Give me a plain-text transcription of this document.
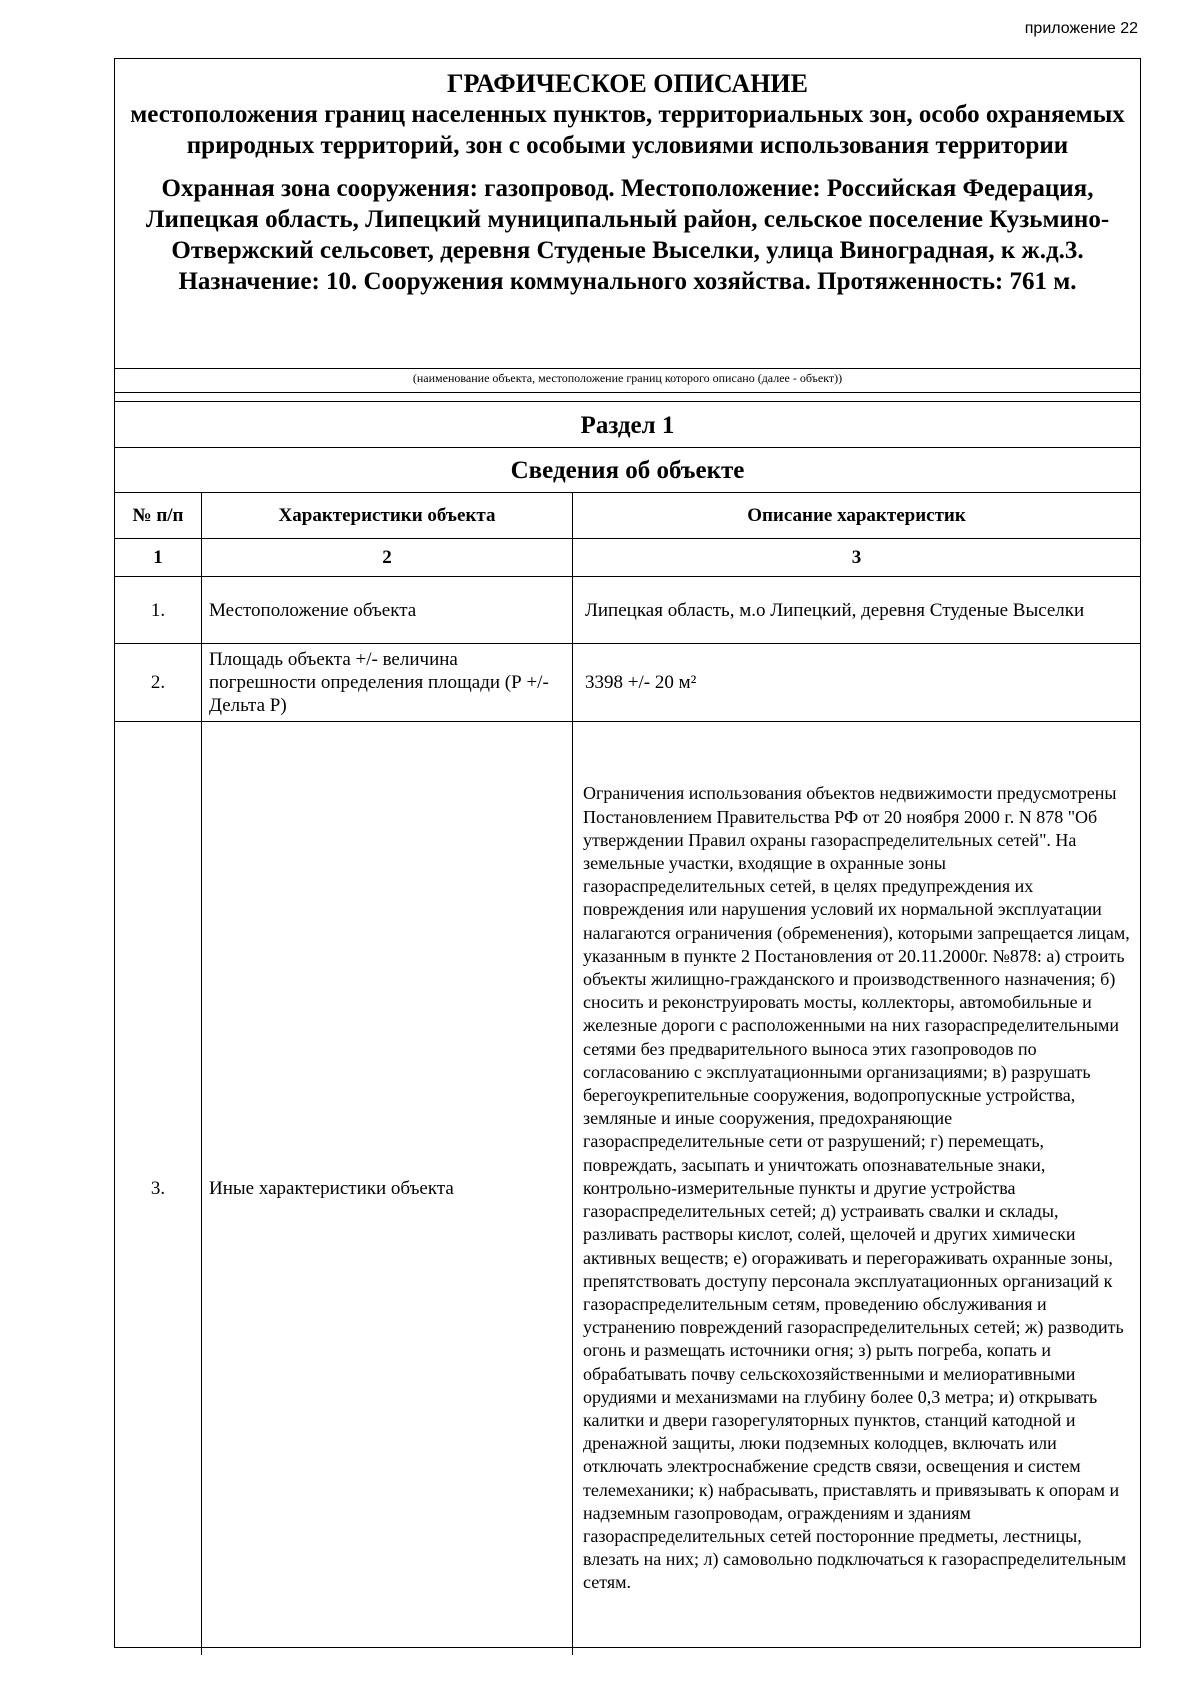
приложение 22
ГРАФИЧЕСКОЕ ОПИСАНИЕ
местоположения границ населенных пунктов, территориальных зон, особо охраняемых природных территорий, зон с особыми условиями использования территории
Охранная зона сооружения: газопровод. Местоположение: Российская Федерация, Липецкая область, Липецкий муниципальный район, сельское поселение Кузьмино-Отвержский сельсовет, деревня Студеные Выселки, улица Виноградная, к ж.д.3. Назначение: 10. Сооружения коммунального хозяйства. Протяженность: 761 м.
(наименование объекта, местоположение границ которого описано (далее - объект))
Раздел 1
Сведения об объекте
№ п/п	Характеристики объекта	Описание характеристик
1	2	3
1.	Местоположение объекта	Липецкая область, м.о Липецкий, деревня Студеные Выселки
2.	Площадь объекта +/- величина погрешности определения площади (Р +/- Дельта Р)	3398 +/- 20 м²
3.	Иные характеристики объекта	Ограничения использования объектов недвижимости предусмотрены Постановлением Правительства РФ от 20 ноября 2000 г. N 878 "Об утверждении Правил охраны газораспределительных сетей". На земельные участки, входящие в охранные зоны газораспределительных сетей, в целях предупреждения их повреждения или нарушения условий их нормальной эксплуатации налагаются ограничения (обременения), которыми запрещается лицам, указанным в пункте 2 Постановления от 20.11.2000г. №878: а) строить объекты жилищно-гражданского и производственного назначения; б) сносить и реконструировать мосты, коллекторы, автомобильные и железные дороги с расположенными на них газораспределительными сетями без предварительного выноса этих газопроводов по согласованию с эксплуатационными организациями; в) разрушать берегоукрепительные сооружения, водопропускные устройства, земляные и иные сооружения, предохраняющие газораспределительные сети от разрушений; г) перемещать, повреждать, засыпать и уничтожать опознавательные знаки, контрольно-измерительные пункты и другие устройства газораспределительных сетей; д) устраивать свалки и склады, разливать растворы кислот, солей, щелочей и других химически активных веществ; е) огораживать и перегораживать охранные зоны, препятствовать доступу персонала эксплуатационных организаций к газораспределительным сетям, проведению обслуживания и устранению повреждений газораспределительных сетей; ж) разводить огонь и размещать источники огня; з) рыть погреба, копать и обрабатывать почву сельскохозяйственными и мелиоративными орудиями и механизмами на глубину более 0,3 метра; и) открывать калитки и двери газорегуляторных пунктов, станций катодной и дренажной защиты, люки подземных колодцев, включать или отключать электроснабжение средств связи, освещения и систем телемеханики; к) набрасывать, приставлять и привязывать к опорам и надземным газопроводам, ограждениям и зданиям газораспределительных сетей посторонние предметы, лестницы, влезать на них; л) самовольно подключаться к газораспределительным сетям.
